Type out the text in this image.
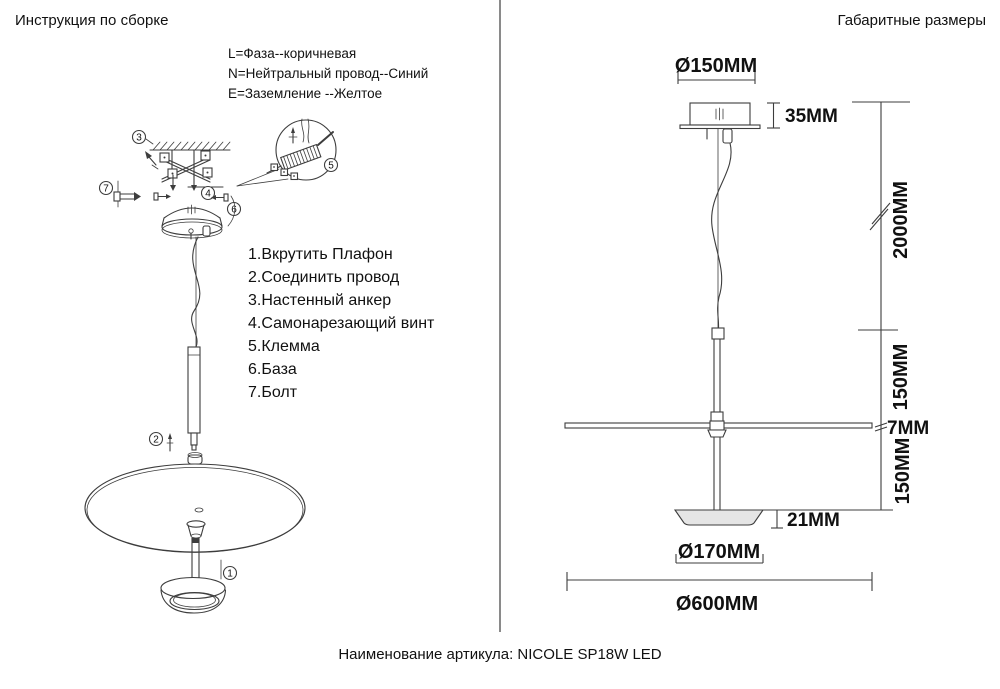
Инструкция по сборке
L=Фаза--коричневая
N=Нейтральный провод--Синий
E=Заземление --Желтое
1.Вкрутить Плафон
2.Соединить провод
3.Настенный анкер
4.Самонарезающий винт
5.Клемма
6.База
7.Болт
3
7	4
6
5
2
1
Габаритные размеры
Ø150MM
35MM
21MM
Ø170MM
Ø600MM
2000MM
150MM
7MM
150MM
Наименование артикула: NICOLE SP18W LED
